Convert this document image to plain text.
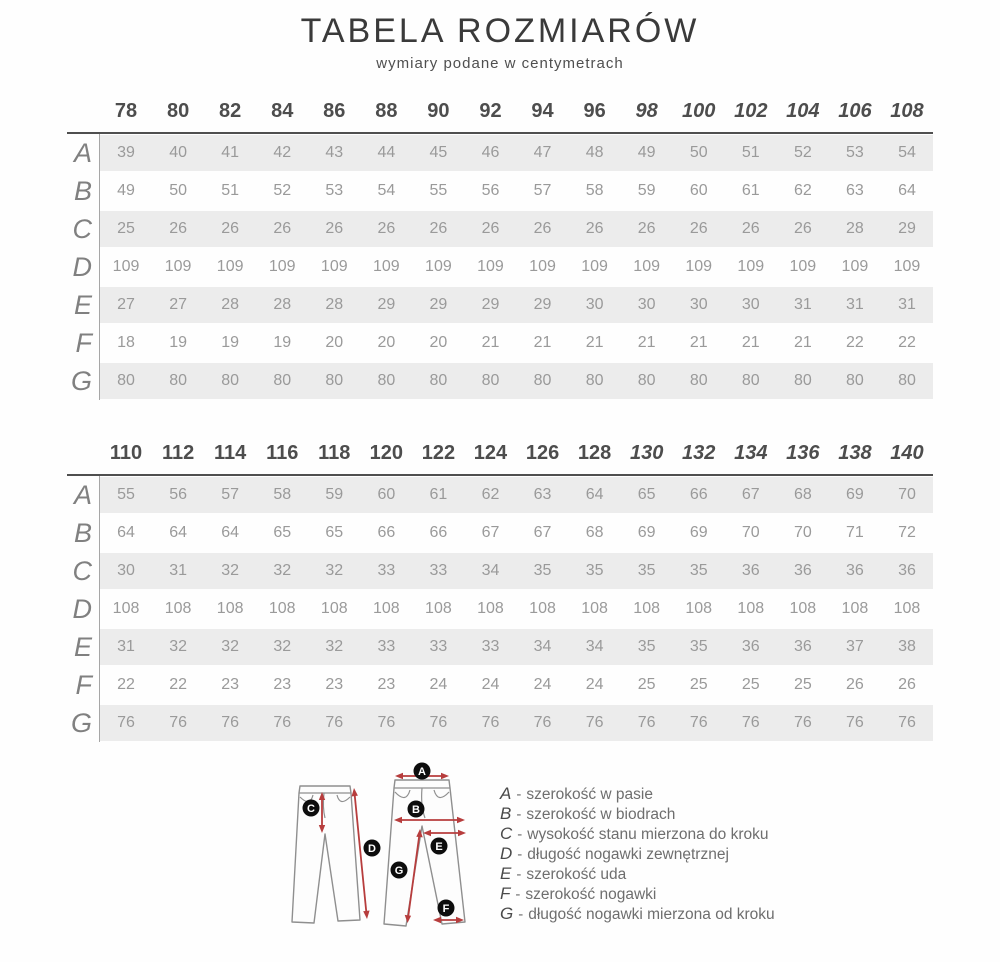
TABELA ROZMIARÓW
wymiary podane w centymetrach
78	80	82	84	86	88	90	92	94	96	98	100 102 104 106 108
A	39	40	41	42	43	44	45	46	47	48	49	50	51	52	53	54
B	49	50	51	52	53	54	55	56	57	58	59	60	61	62	63	64
C	25	26	26	26	26	26	26	26	26	26	26	26	26	26	28	29
D	109	109	109	109	109	109	109	109	109	109	109	109	109	109	109	109
E	27	27	28	28	28	29	29	29	29	30	30	30	30	31	31	31
F	18	19	19	19	20	20	20	21	21	21	21	21	21	21	22	22
G	80	80	80	80	80	80	80	80	80	80	80	80	80	80	80	80
110 112 114 116 118 120 122 124 126 128 130 132 134 136 138 140
A	55	56	57	58	59	60	61	62	63	64	65	66	67	68	69	70
B	64	64	64	65	65	66	66	67	67	68	69	69	70	70	71	72
C	30	31	32	32	32	33	33	34	35	35	35	35	36	36	36	36
D	108	108	108	108	108	108	108	108	108	108	108	108	108	108	108	108
E	31	32	32	32	32	33	33	33	34	34	35	35	36	36	37	38
F	22	22	23	23	23	23	24	24	24	24	25	25	25	25	26	26
G	76	76	76	76	76	76	76	76	76	76	76	76	76	76	76	76
A
B
C
D	E
F
G
A - szerokość w pasie
B - szerokość w biodrach
C - wysokość stanu mierzona do kroku
D - długość nogawki zewnętrznej
E - szerokość uda
F - szerokość nogawki
G - długość nogawki mierzona od kroku
